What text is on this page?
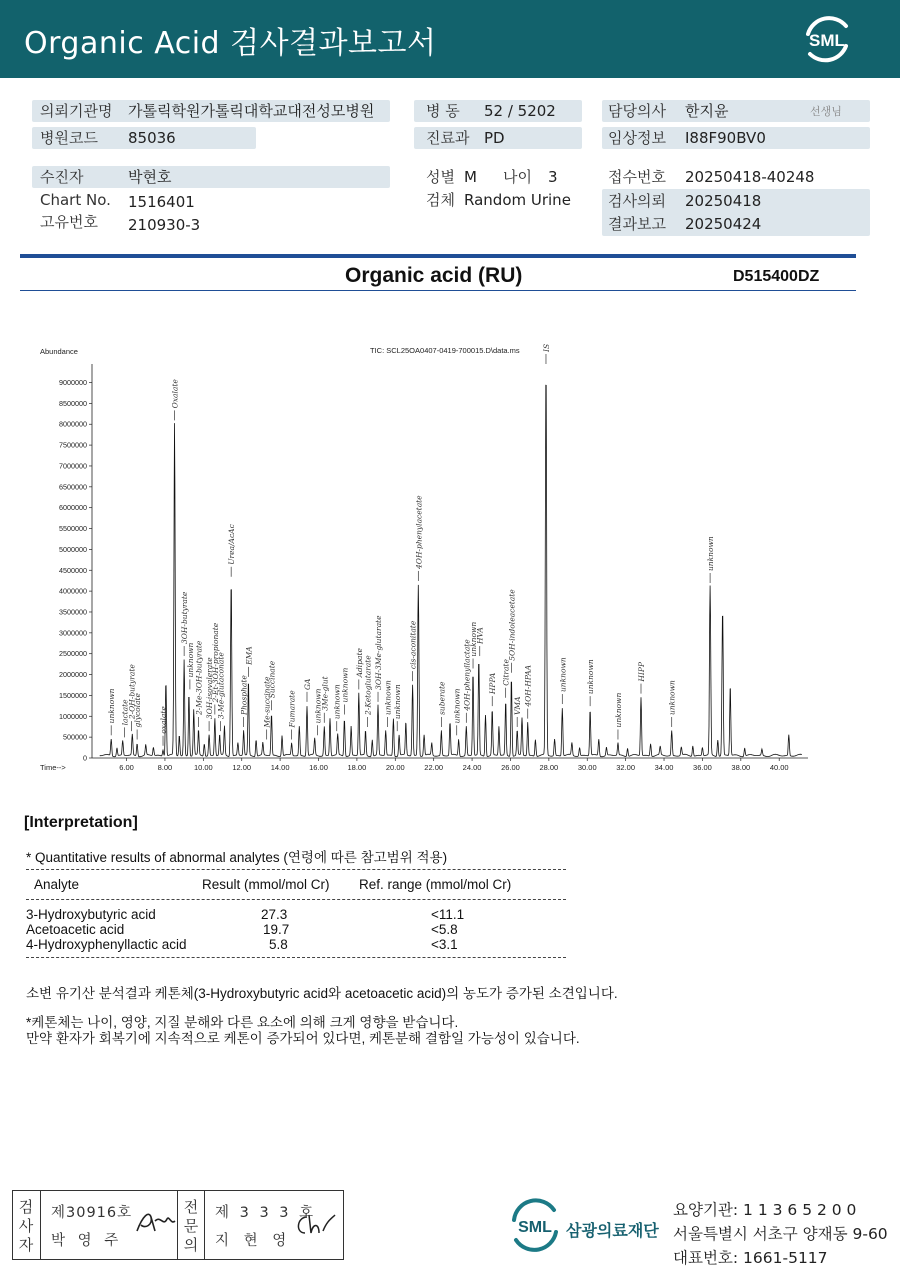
Organic Acid 검사결과보고서	SML
의뢰기관명 가톨릭학원가톨릭대학교대전성모병원
병원코드 85036
병 동 52 / 5202
진료과 PD
담당의사 한지윤	선생님
임상정보 I88F90BV0
수진자	박현호
Chart No. 1516401
고유번호 210930-3
성별 M 나이 3
검체 Random Urine
접수번호 20250418-40248
검사의뢰 20250418
결과보고 20250424
Organic acid (RU)	D515400DZ
TIC: SCL25OA0407-0419-700015.D\data.ms
Abundance
Time-->
0
500000
1000000
1500000
2000000
2500000
3000000
3500000
4000000
4500000
5000000
5500000
6000000
6500000
7000000
7500000
8000000
8500000
9000000
6.00	8.00	10.00	12.00	14.00	16.00	18.00	20.00	22.00	24.00	26.00	28.00	30.00	32.00	34.00	36.00	38.00	40.00
unknown lactate
2-OH-butyrate
glycolate oxalate
Oxalate
3OH-butyrate
unknown 2-Me-3OH-butyrate 3OH-isovalerate
2-Et-3OH-propionate
3-Me-glutaconate
Urea/AcAc
Phosphate
EMA
Me-succinate
Succinate
Fumarate
GA
unknown
3Me-glut unknown
unknown
Adipate 2-Ketoglutarate 3OH-3Me-glutarate
unknown unknown
cis-aconitate
4OH-phenylacetate
suberate unknown 4OH-phenyllactate
unknown
HVA
HPPA Citrate
5OH-indoleacetate
VMA 4OH-HPAA
IS
unknown	unknown
unknown
HIPP
unknown
unknown
[Interpretation]
* Quantitative results of abnormal analytes (연령에 따른 참고범위 적용)
Analyte	Result (mmol/mol Cr) Ref. range (mmol/mol Cr)
3-Hydroxybutyric acid	27.3	<11.1
Acetoacetic acid	19.7	<5.8
4-Hydroxyphenyllactic acid	5.8	<3.1
소변 유기산 분석결과 케톤체(3-Hydroxybutyric acid와 acetoacetic acid)의 농도가 증가된 소견입니다.
*케톤체는 나이, 영양, 지질 분해와 다른 요소에 의해 크게 영향을 받습니다.
만약 환자가 회복기에 지속적으로 케톤이 증가되어 있다면, 케톤분해 결함일 가능성이 있습니다.
검
사
자
제30916호
박 영 주
전
문
의
제 3 3 3 호
지 현 영
SML 삼광의료재단
요양기관: 1 1 3 6 5 2 0 0
서울특별시 서초구 양재동 9-60
대표번호: 1661-5117
